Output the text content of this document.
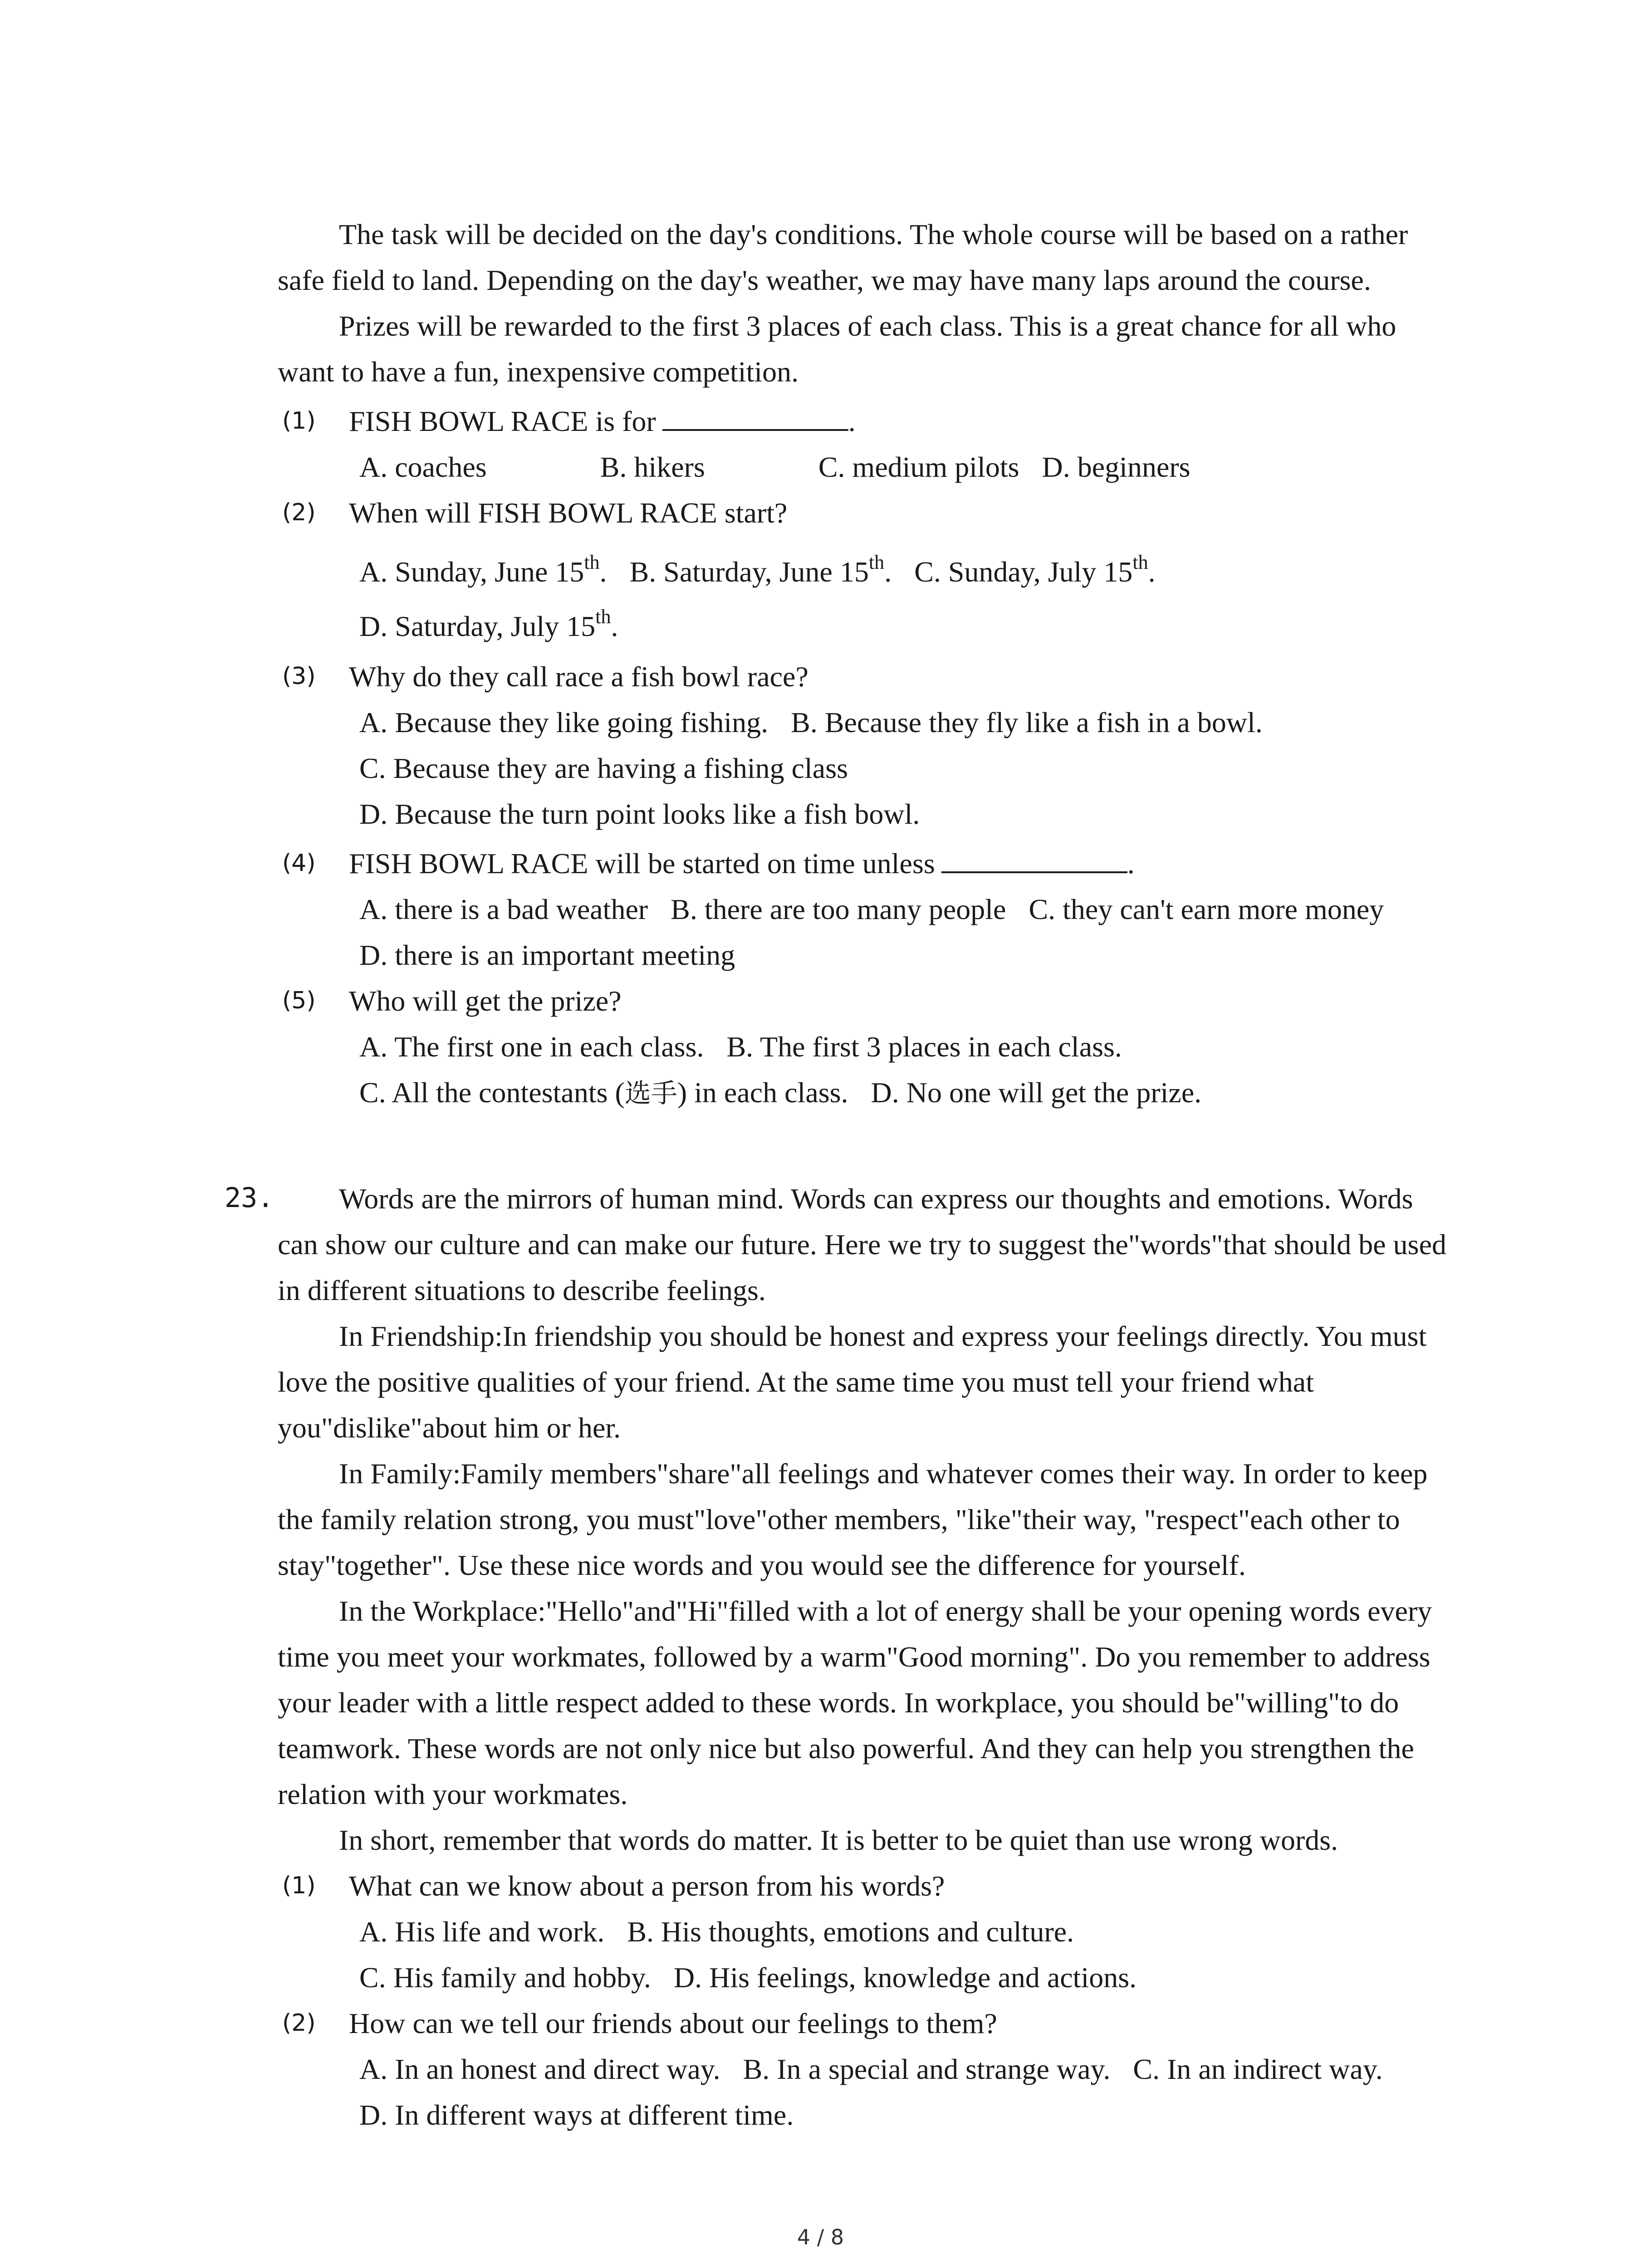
The task will be decided on the day's conditions. The whole course will be based on a rather safe field to land. Depending on the day's weather, we may have many laps around the course.

Prizes will be rewarded to the first 3 places of each class. This is a great chance for all who want to have a fun, inexpensive competition.

(1) FISH BOWL RACE is for	.

A. coaches	B. hikers	C. medium pilots D. beginners

(2) When will FISH BOWL RACE start?

A. Sunday, June 15th. B. Saturday, June 15th. C. Sunday, July 15th.

D. Saturday, July 15th.

(3) Why do they call race a fish bowl race?

A. Because they like going fishing. B. Because they fly like a fish in a bowl.

C. Because they are having a fishing class

D. Because the turn point looks like a fish bowl.

(4) FISH BOWL RACE will be started on time unless	.

A. there is a bad weather B. there are too many people C. they can't earn more money

D. there is an important meeting

(5) Who will get the prize?

A. The first one in each class. B. The first 3 places in each class.

C. All the contestants (选手) in each class. D. No one will get the prize.

Words are the mirrors of human mind. Words can express our thoughts and emotions. Words can show our culture and can make our future. Here we try to suggest the"words"that should be used in different situations to describe feelings.

In Friendship:In friendship you should be honest and express your feelings directly. You must love the positive qualities of your friend. At the same time you must tell your friend what you"dislike"about him or her.

In Family:Family members"share"all feelings and whatever comes their way. In order to keep the family relation strong, you must"love"other members, "like"their way, "respect"each other to stay"together". Use these nice words and you would see the difference for yourself.

In the Workplace:"Hello"and"Hi"filled with a lot of energy shall be your opening words every time you meet your workmates, followed by a warm"Good morning". Do you remember to address your leader with a little respect added to these words. In workplace, you should be"willing"to do teamwork. These words are not only nice but also powerful. And they can help you strengthen the relation with your workmates.

In short, remember that words do matter. It is better to be quiet than use wrong words.

(1) What can we know about a person from his words?

A. His life and work. B. His thoughts, emotions and culture.

C. His family and hobby. D. His feelings, knowledge and actions.

(2) How can we tell our friends about our feelings to them?

A. In an honest and direct way. B. In a special and strange way. C. In an indirect way.

D. In different ways at different time.

23.
4 / 8
